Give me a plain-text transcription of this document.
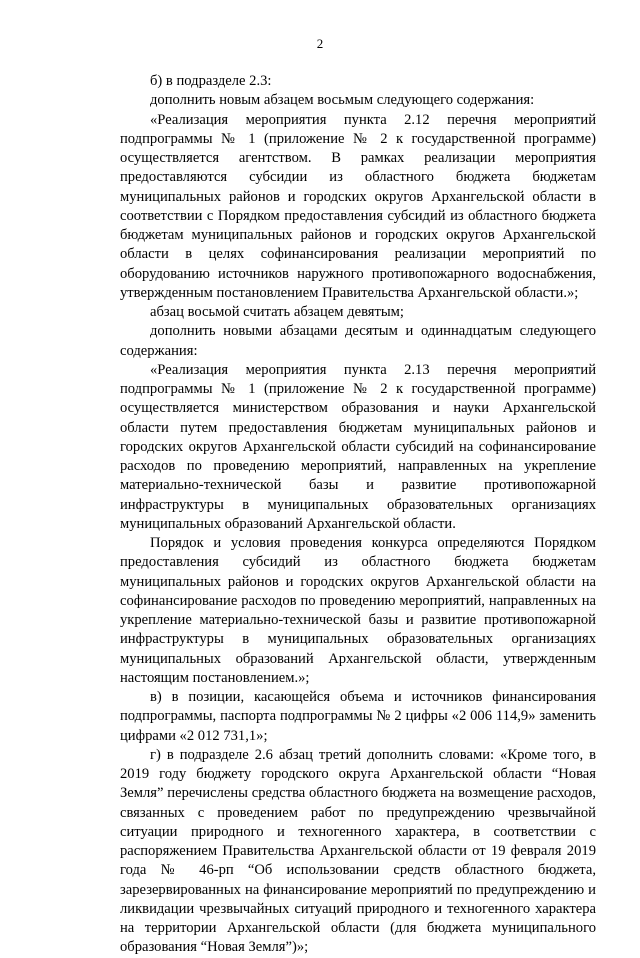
2

б) в подразделе 2.3:

дополнить новым абзацем восьмым следующего содержания:

«Реализация мероприятия пункта 2.12 перечня мероприятий подпрограммы № 1 (приложение № 2 к государственной программе) осуществляется агентством. В рамках реализации мероприятия предоставляются субсидии из областного бюджета бюджетам муниципальных районов и городских округов Архангельской области в соответствии с Порядком предоставления субсидий из областного бюджета бюджетам муниципальных районов и городских округов Архангельской области в целях софинансирования реализации мероприятий по оборудованию источников наружного противопожарного водоснабжения, утвержденным постановлением Правительства Архангельской области.»;

абзац восьмой считать абзацем девятым;

дополнить новыми абзацами десятым и одиннадцатым следующего содержания:

«Реализация мероприятия пункта 2.13 перечня мероприятий подпрограммы № 1 (приложение № 2 к государственной программе) осуществляется министерством образования и науки Архангельской области путем предоставления бюджетам муниципальных районов и городских округов Архангельской области субсидий на софинансирование расходов по проведению мероприятий, направленных на укрепление материально-технической базы и развитие противопожарной инфраструктуры в муниципальных образовательных организациях муниципальных образований Архангельской области.

Порядок и условия проведения конкурса определяются Порядком предоставления субсидий из областного бюджета бюджетам муниципальных районов и городских округов Архангельской области на софинансирование расходов по проведению мероприятий, направленных на укрепление материально-технической базы и развитие противопожарной инфраструктуры в муниципальных образовательных организациях муниципальных образований Архангельской области, утвержденным настоящим постановлением.»;

в) в позиции, касающейся объема и источников финансирования подпрограммы, паспорта подпрограммы № 2 цифры «2 006 114,9» заменить цифрами «2 012 731,1»;

г) в подразделе 2.6 абзац третий дополнить словами: «Кроме того, в 2019 году бюджету городского округа Архангельской области “Новая Земля” перечислены средства областного бюджета на возмещение расходов, связанных с проведением работ по предупреждению чрезвычайной ситуации природного и техногенного характера, в соответствии с распоряжением Правительства Архангельской области от 19 февраля 2019 года № 46-рп “Об использовании средств областного бюджета, зарезервированных на финансирование мероприятий по предупреждению и ликвидации чрезвычайных ситуаций природного и техногенного характера на территории Архангельской области (для бюджета муниципального образования “Новая Земля”)»;
